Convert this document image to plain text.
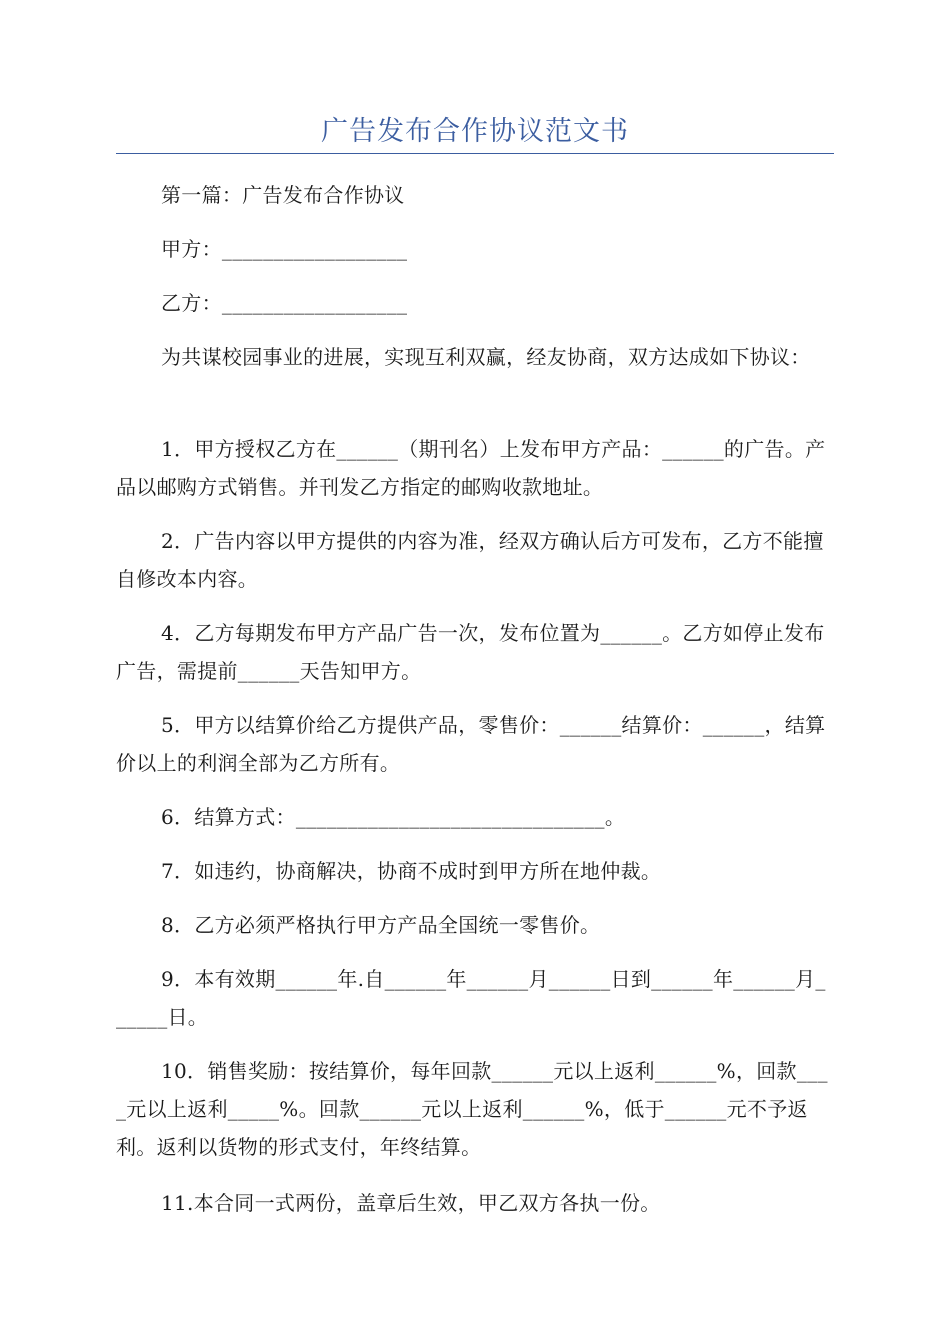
广告发布合作协议范文书

第一篇：广告发布合作协议

甲方：__________________

乙方：__________________

为共谋校园事业的进展，实现互利双赢，经友协商，双方达成如下协议：

1．甲方授权乙方在______（期刊名）上发布甲方产品：______的广告。产品以邮购方式销售。并刊发乙方指定的邮购收款地址。

2．广告内容以甲方提供的内容为准，经双方确认后方可发布，乙方不能擅自修改本内容。

4．乙方每期发布甲方产品广告一次，发布位置为______。乙方如停止发布广告，需提前______天告知甲方。

5．甲方以结算价给乙方提供产品，零售价：______结算价：______，结算价以上的利润全部为乙方所有。

6．结算方式：______________________________。

7．如违约，协商解决，协商不成时到甲方所在地仲裁。

8．乙方必须严格执行甲方产品全国统一零售价。

9．本有效期______年.自______年______月______日到______年______月______日。

10．销售奖励：按结算价，每年回款______元以上返利______%，回款____元以上返利_____%。回款______元以上返利______%，低于______元不予返利。返利以货物的形式支付，年终结算。

11.本合同一式两份，盖章后生效，甲乙双方各执一份。
